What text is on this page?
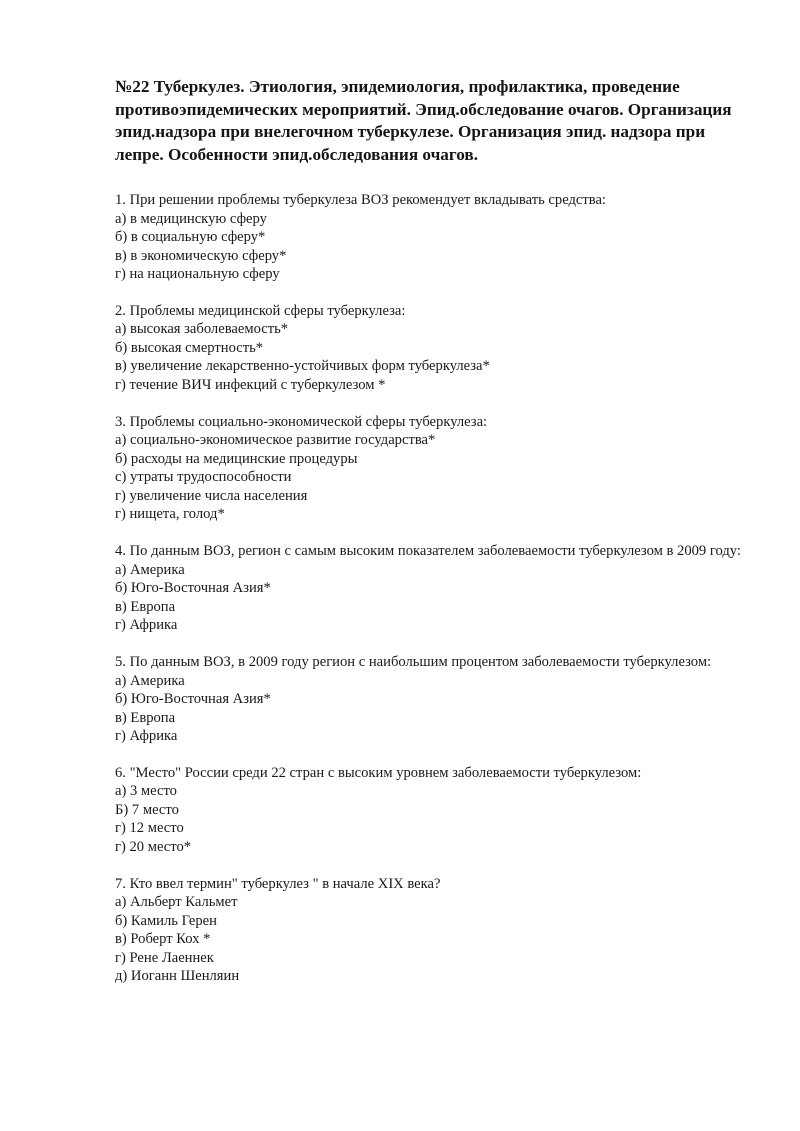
№22 Туберкулез. Этиология, эпидемиология, профилактика, проведение противоэпидемических мероприятий. Эпид.обследование очагов. Организация эпид.надзора при внелегочном туберкулезе. Организация эпид. надзора при лепре. Особенности эпид.обследования очагов.

1. При решении проблемы туберкулеза ВОЗ рекомендует вкладывать средства:

а) в медицинскую сферу
б) в социальную сферу*
в) в экономическую сферу*
г) на национальную сферу

2. Проблемы медицинской сферы туберкулеза:

а) высокая заболеваемость*
б) высокая смертность*
в) увеличение лекарственно-устойчивых форм туберкулеза*
г) течение ВИЧ инфекций с туберкулезом *

3. Проблемы социально-экономической сферы туберкулеза:

а) социально-экономическое развитие государства*
б) расходы на медицинские процедуры
с) утраты трудоспособности
г) увеличение числа населения
г) нищета, голод*

4. По данным ВОЗ, регион с самым высоким показателем заболеваемости туберкулезом в 2009 году:

а) Америка
б) Юго-Восточная Азия*
в) Европа
г) Африка

5. По данным ВОЗ, в 2009 году регион с наибольшим процентом заболеваемости туберкулезом:

а) Америка
б) Юго-Восточная Азия*
в) Европа
г) Африка

6. "Место" России среди 22 стран с высоким уровнем заболеваемости туберкулезом:

а) 3 место
Б) 7 место
г) 12 место
г) 20 место*

7. Кто ввел термин" туберкулез " в начале XIX века?

а) Альберт Кальмет
б) Камиль Герен
в) Роберт Кох *
г) Рене Лаеннек
д) Иоганн Шенляин
